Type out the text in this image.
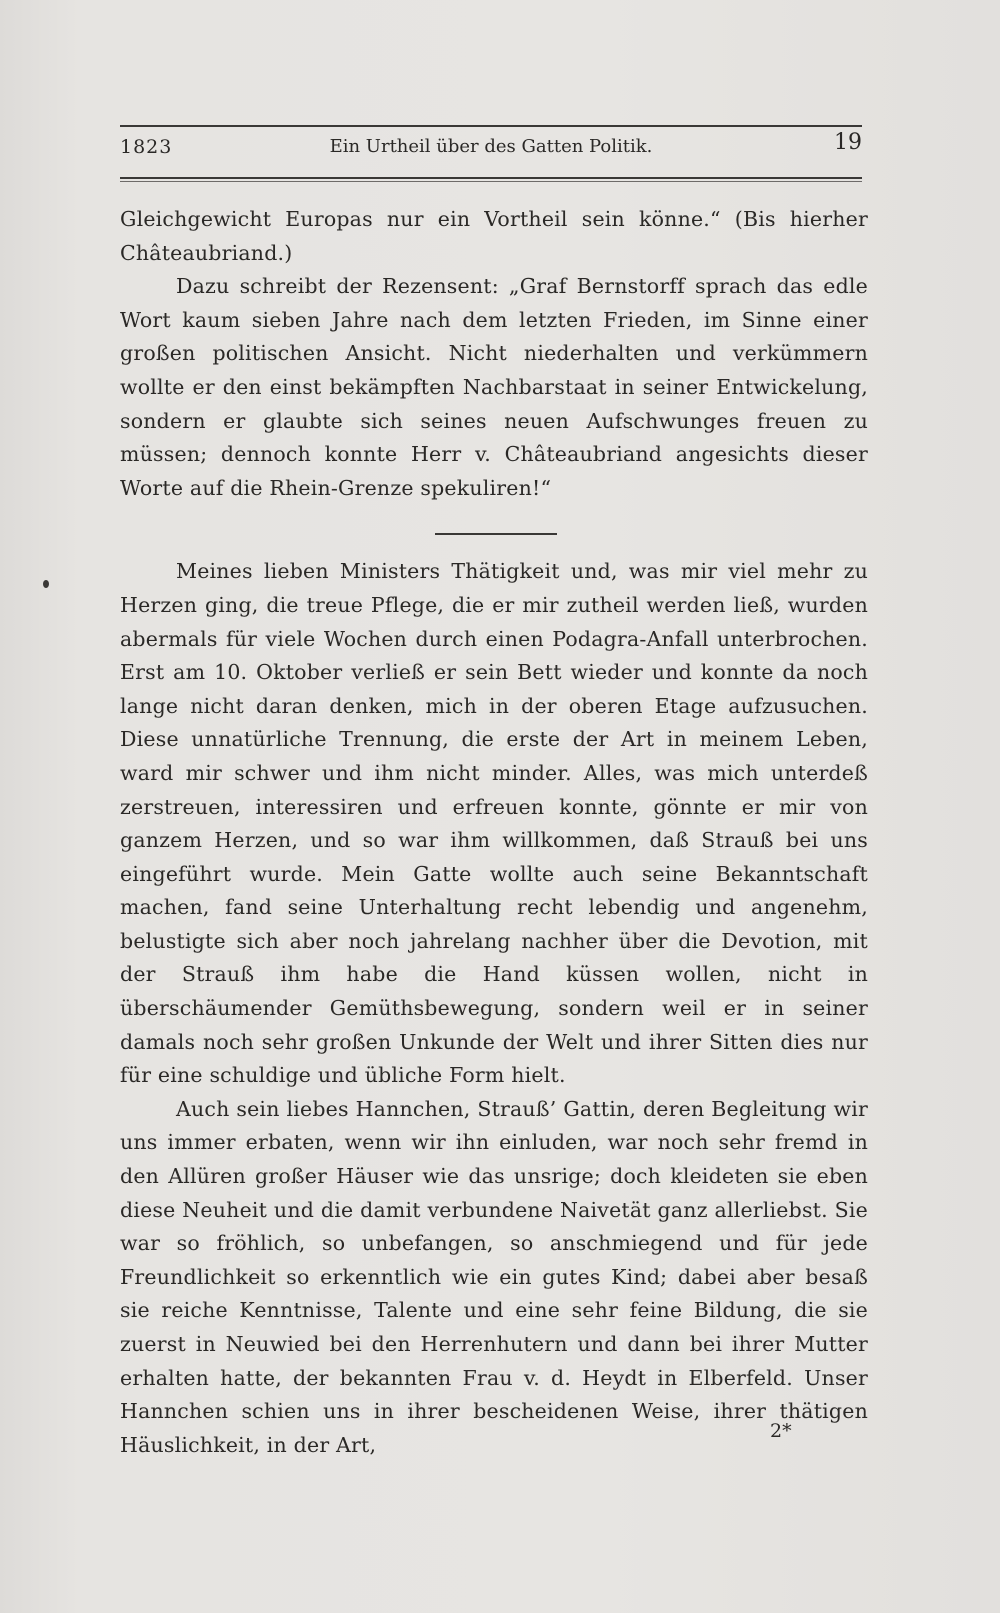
1823	Ein Urtheil über des Gatten Politik.	19

Gleichgewicht Europas nur ein Vortheil sein könne.“ (Bis hierher Châteaubriand.)

Dazu schreibt der Rezensent: „Graf Bernstorff sprach das edle Wort kaum sieben Jahre nach dem letzten Frieden, im Sinne einer großen politischen Ansicht. Nicht niederhalten und verkümmern wollte er den einst bekämpften Nachbarstaat in seiner Entwickelung, sondern er glaubte sich seines neuen Aufschwunges freuen zu müssen; dennoch konnte Herr v. Châteaubriand angesichts dieser Worte auf die Rhein-Grenze spekuliren!“

Meines lieben Ministers Thätigkeit und, was mir viel mehr zu Herzen ging, die treue Pflege, die er mir zutheil werden ließ, wurden abermals für viele Wochen durch einen Podagra-Anfall unterbrochen. Erst am 10. Oktober verließ er sein Bett wieder und konnte da noch lange nicht daran denken, mich in der oberen Etage aufzusuchen. Diese unnatürliche Trennung, die erste der Art in meinem Leben, ward mir schwer und ihm nicht minder. Alles, was mich unterdeß zerstreuen, interessiren und erfreuen konnte, gönnte er mir von ganzem Herzen, und so war ihm willkommen, daß Strauß bei uns eingeführt wurde. Mein Gatte wollte auch seine Bekanntschaft machen, fand seine Unterhaltung recht lebendig und angenehm, belustigte sich aber noch jahrelang nachher über die Devotion, mit der Strauß ihm habe die Hand küssen wollen, nicht in überschäumender Gemüthsbewegung, sondern weil er in seiner damals noch sehr großen Unkunde der Welt und ihrer Sitten dies nur für eine schuldige und übliche Form hielt.

Auch sein liebes Hannchen, Strauß’ Gattin, deren Begleitung wir uns immer erbaten, wenn wir ihn einluden, war noch sehr fremd in den Allüren großer Häuser wie das unsrige; doch kleideten sie eben diese Neuheit und die damit verbundene Naivetät ganz allerliebst. Sie war so fröhlich, so unbefangen, so anschmiegend und für jede Freundlichkeit so erkenntlich wie ein gutes Kind; dabei aber besaß sie reiche Kenntnisse, Talente und eine sehr feine Bildung, die sie zuerst in Neuwied bei den Herrenhutern und dann bei ihrer Mutter erhalten hatte, der bekannten Frau v. d. Heydt in Elberfeld. Unser Hannchen schien uns in ihrer bescheidenen Weise, ihrer thätigen Häuslichkeit, in der Art,

2*
